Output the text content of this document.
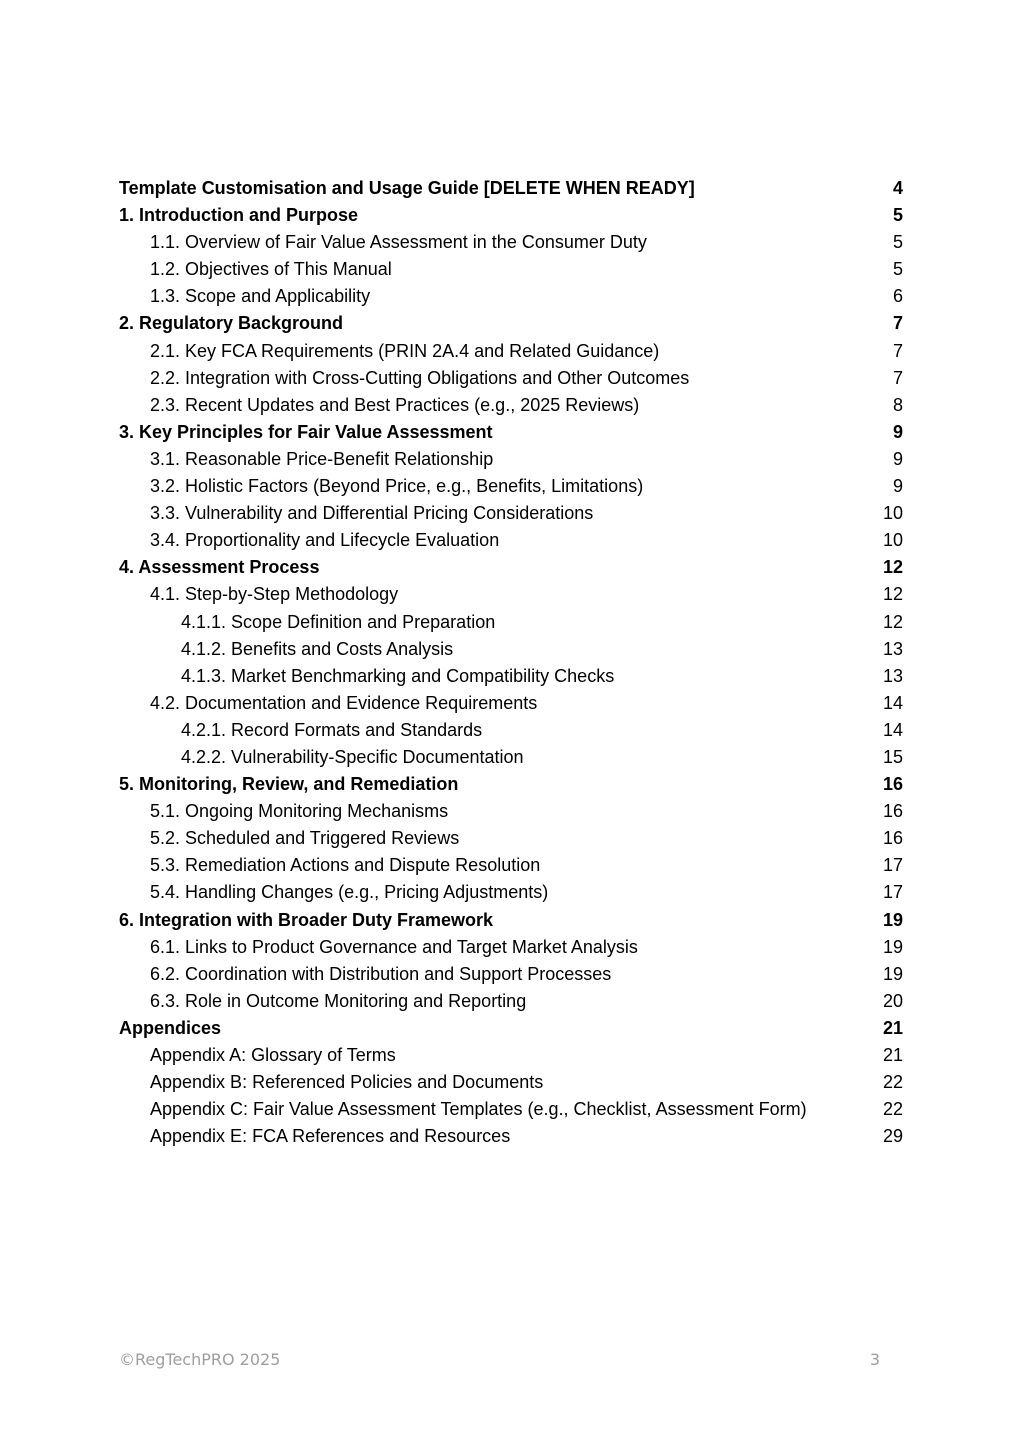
Template Customisation and Usage Guide [DELETE WHEN READY]	4
1. Introduction and Purpose	5
1.1. Overview of Fair Value Assessment in the Consumer Duty	5
1.2. Objectives of This Manual	5
1.3. Scope and Applicability	6
2. Regulatory Background	7
2.1. Key FCA Requirements (PRIN 2A.4 and Related Guidance)	7
2.2. Integration with Cross-Cutting Obligations and Other Outcomes	7
2.3. Recent Updates and Best Practices (e.g., 2025 Reviews)	8
3. Key Principles for Fair Value Assessment	9
3.1. Reasonable Price-Benefit Relationship	9
3.2. Holistic Factors (Beyond Price, e.g., Benefits, Limitations)	9
3.3. Vulnerability and Differential Pricing Considerations	10
3.4. Proportionality and Lifecycle Evaluation	10
4. Assessment Process	12
4.1. Step-by-Step Methodology	12
4.1.1. Scope Definition and Preparation	12
4.1.2. Benefits and Costs Analysis	13
4.1.3. Market Benchmarking and Compatibility Checks	13
4.2. Documentation and Evidence Requirements	14
4.2.1. Record Formats and Standards	14
4.2.2. Vulnerability-Specific Documentation	15
5. Monitoring, Review, and Remediation	16
5.1. Ongoing Monitoring Mechanisms	16
5.2. Scheduled and Triggered Reviews	16
5.3. Remediation Actions and Dispute Resolution	17
5.4. Handling Changes (e.g., Pricing Adjustments)	17
6. Integration with Broader Duty Framework	19
6.1. Links to Product Governance and Target Market Analysis	19
6.2. Coordination with Distribution and Support Processes	19
6.3. Role in Outcome Monitoring and Reporting	20
Appendices	21
Appendix A: Glossary of Terms	21
Appendix B: Referenced Policies and Documents	22
Appendix C: Fair Value Assessment Templates (e.g., Checklist, Assessment Form)	22
Appendix E: FCA References and Resources	29
©RegTechPRO 2025	3
